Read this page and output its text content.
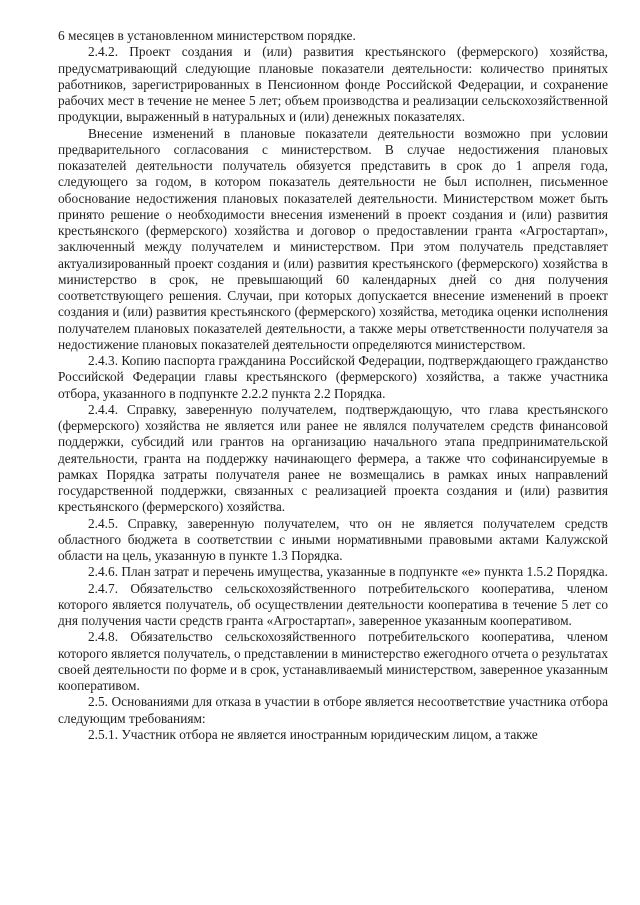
6 месяцев в установленном министерством порядке.

2.4.2. Проект создания и (или) развития крестьянского (фермерского) хозяйства, предусматривающий следующие плановые показатели деятельности: количество принятых работников, зарегистрированных в Пенсионном фонде Российской Федерации, и сохранение рабочих мест в течение не менее 5 лет; объем производства и реализации сельскохозяйственной продукции, выраженный в натуральных и (или) денежных показателях.

Внесение изменений в плановые показатели деятельности возможно при условии предварительного согласования с министерством. В случае недостижения плановых показателей деятельности получатель обязуется представить в срок до 1 апреля года, следующего за годом, в котором показатель деятельности не был исполнен, письменное обоснование недостижения плановых показателей деятельности. Министерством может быть принято решение о необходимости внесения изменений в проект создания и (или) развития крестьянского (фермерского) хозяйства и договор о предоставлении гранта «Агростартап», заключенный между получателем и министерством. При этом получатель представляет актуализированный проект создания и (или) развития крестьянского (фермерского) хозяйства в министерство в срок, не превышающий 60 календарных дней со дня получения соответствующего решения. Случаи, при которых допускается внесение изменений в проект создания и (или) развития крестьянского (фермерского) хозяйства, методика оценки исполнения получателем плановых показателей деятельности, а также меры ответственности получателя за недостижение плановых показателей деятельности определяются министерством.

2.4.3. Копию паспорта гражданина Российской Федерации, подтверждающего гражданство Российской Федерации главы крестьянского (фермерского) хозяйства, а также участника отбора, указанного в подпункте 2.2.2 пункта 2.2 Порядка.

2.4.4. Справку, заверенную получателем, подтверждающую, что глава крестьянского (фермерского) хозяйства не является или ранее не являлся получателем средств финансовой поддержки, субсидий или грантов на организацию начального этапа предпринимательской деятельности, гранта на поддержку начинающего фермера, а также что софинансируемые в рамках Порядка затраты получателя ранее не возмещались в рамках иных направлений государственной поддержки, связанных с реализацией проекта создания и (или) развития крестьянского (фермерского) хозяйства.

2.4.5. Справку, заверенную получателем, что он не является получателем средств областного бюджета в соответствии с иными нормативными правовыми актами Калужской области на цель, указанную в пункте 1.3 Порядка.

2.4.6. План затрат и перечень имущества, указанные в подпункте «е» пункта 1.5.2 Порядка.

2.4.7. Обязательство сельскохозяйственного потребительского кооператива, членом которого является получатель, об осуществлении деятельности кооператива в течение 5 лет со дня получения части средств гранта «Агростартап», заверенное указанным кооперативом.

2.4.8. Обязательство сельскохозяйственного потребительского кооператива, членом которого является получатель, о представлении в министерство ежегодного отчета о результатах своей деятельности по форме и в срок, устанавливаемый министерством, заверенное указанным кооперативом.

2.5. Основаниями для отказа в участии в отборе является несоответствие участника отбора следующим требованиям:

2.5.1. Участник отбора не является иностранным юридическим лицом, а также
